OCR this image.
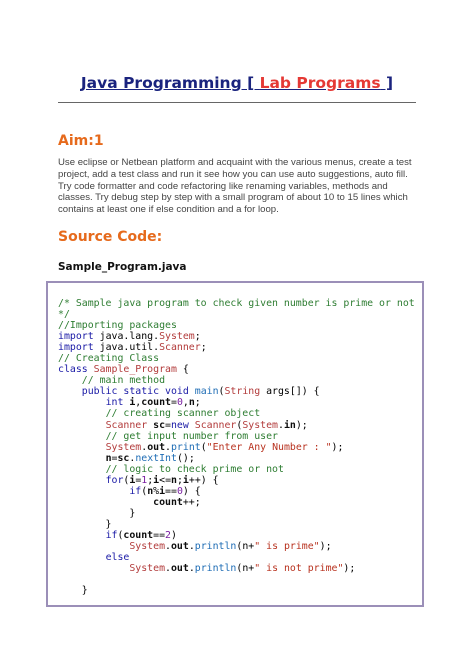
Java Programming [ Lab Programs ]
Aim:1
Use eclipse or Netbean platform and acquaint with the various menus, create a test
project, add a test class and run it see how you can use auto suggestions, auto fill.
Try code formatter and code refactoring like renaming variables, methods and
classes. Try debug step by step with a small program of about 10 to 15 lines which
contains at least one if else condition and a for loop.
Source Code:
Sample_Program.java
/* Sample java program to check given number is prime or not
*/
//Importing packages
import java.lang.System;
import java.util.Scanner;
// Creating Class
class Sample_Program {
// main method
public static void main(String args[]) {
int i,count=0,n;
// creating scanner object
Scanner sc=new Scanner(System.in);
// get input number from user
System.out.print("Enter Any Number : ");
n=sc.nextInt();
// logic to check prime or not
for(i=1;i<=n;i++) {
if(n%i==0) {
count++;
}
}
if(count==2)
System.out.println(n+" is prime");
else
System.out.println(n+" is not prime");
}
